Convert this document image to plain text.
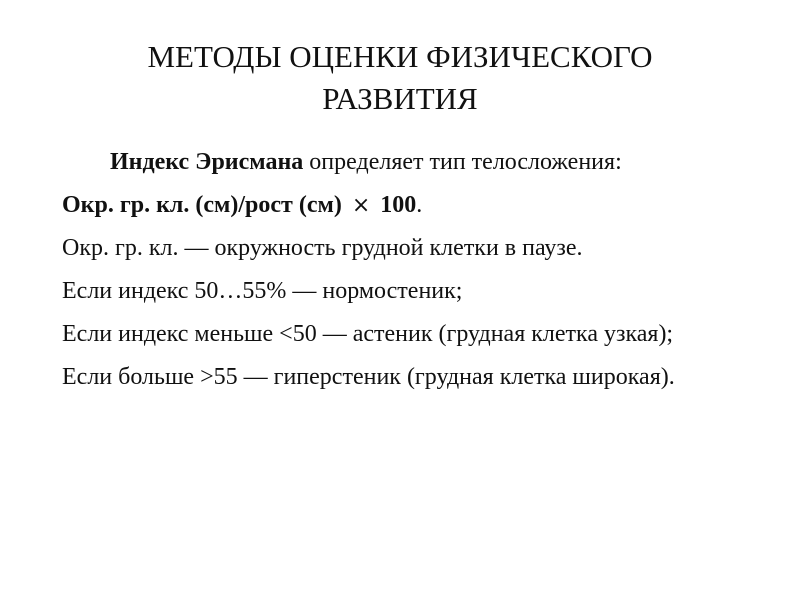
МЕТОДЫ ОЦЕНКИ ФИЗИЧЕСКОГО
РАЗВИТИЯ

Индекс Эрисмана определяет тип телосложения:

Окр. гр. кл. (см)/рост (см) × 100.

Окр. гр. кл. — окружность грудной клетки в паузе.

Если индекс 50…55% — нормостеник;

Если индекс меньше <50 — астеник (грудная клетка узкая);

Если больше >55 — гиперстеник (грудная клетка широкая).
